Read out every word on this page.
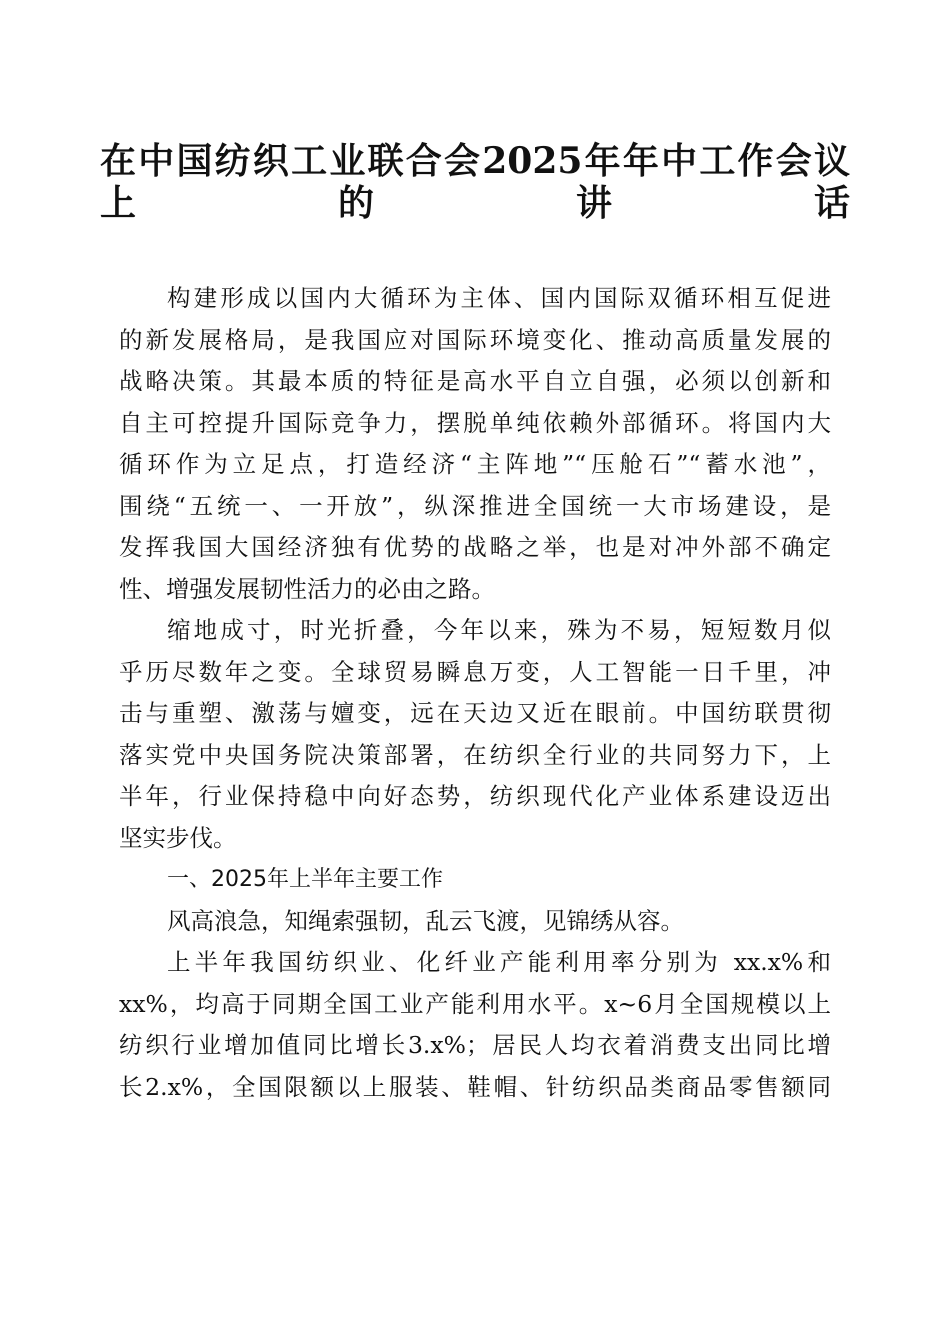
在中国纺织工业联合会2025年年中工作会议
上的讲话
构建形成以国内大循环为主体、国内国际双循环相互促进
的新发展格局，是我国应对国际环境变化、推动高质量发展的
战略决策。其最本质的特征是高水平自立自强，必须以创新和
自主可控提升国际竞争力，摆脱单纯依赖外部循环。将国内大
循环作为立足点，打造经济“主阵地”“压舱石”“蓄水池”，
围绕“五统一、一开放”，纵深推进全国统一大市场建设，是
发挥我国大国经济独有优势的战略之举，也是对冲外部不确定
性、增强发展韧性活力的必由之路。
缩地成寸，时光折叠，今年以来，殊为不易，短短数月似
乎历尽数年之变。全球贸易瞬息万变，人工智能一日千里，冲
击与重塑、激荡与嬗变，远在天边又近在眼前。中国纺联贯彻
落实党中央国务院决策部署，在纺织全行业的共同努力下，上
半年，行业保持稳中向好态势，纺织现代化产业体系建设迈出
坚实步伐。
一、2025年上半年主要工作
风高浪急，知绳索强韧，乱云飞渡，见锦绣从容。
上半年我国纺织业、化纤业产能利用率分别为 xx.x%和
xx%，均高于同期全国工业产能利用水平。x~6月全国规模以上
纺织行业增加值同比增长3.x%；居民人均衣着消费支出同比增
长2.x%，全国限额以上服装、鞋帽、针纺织品类商品零售额同
